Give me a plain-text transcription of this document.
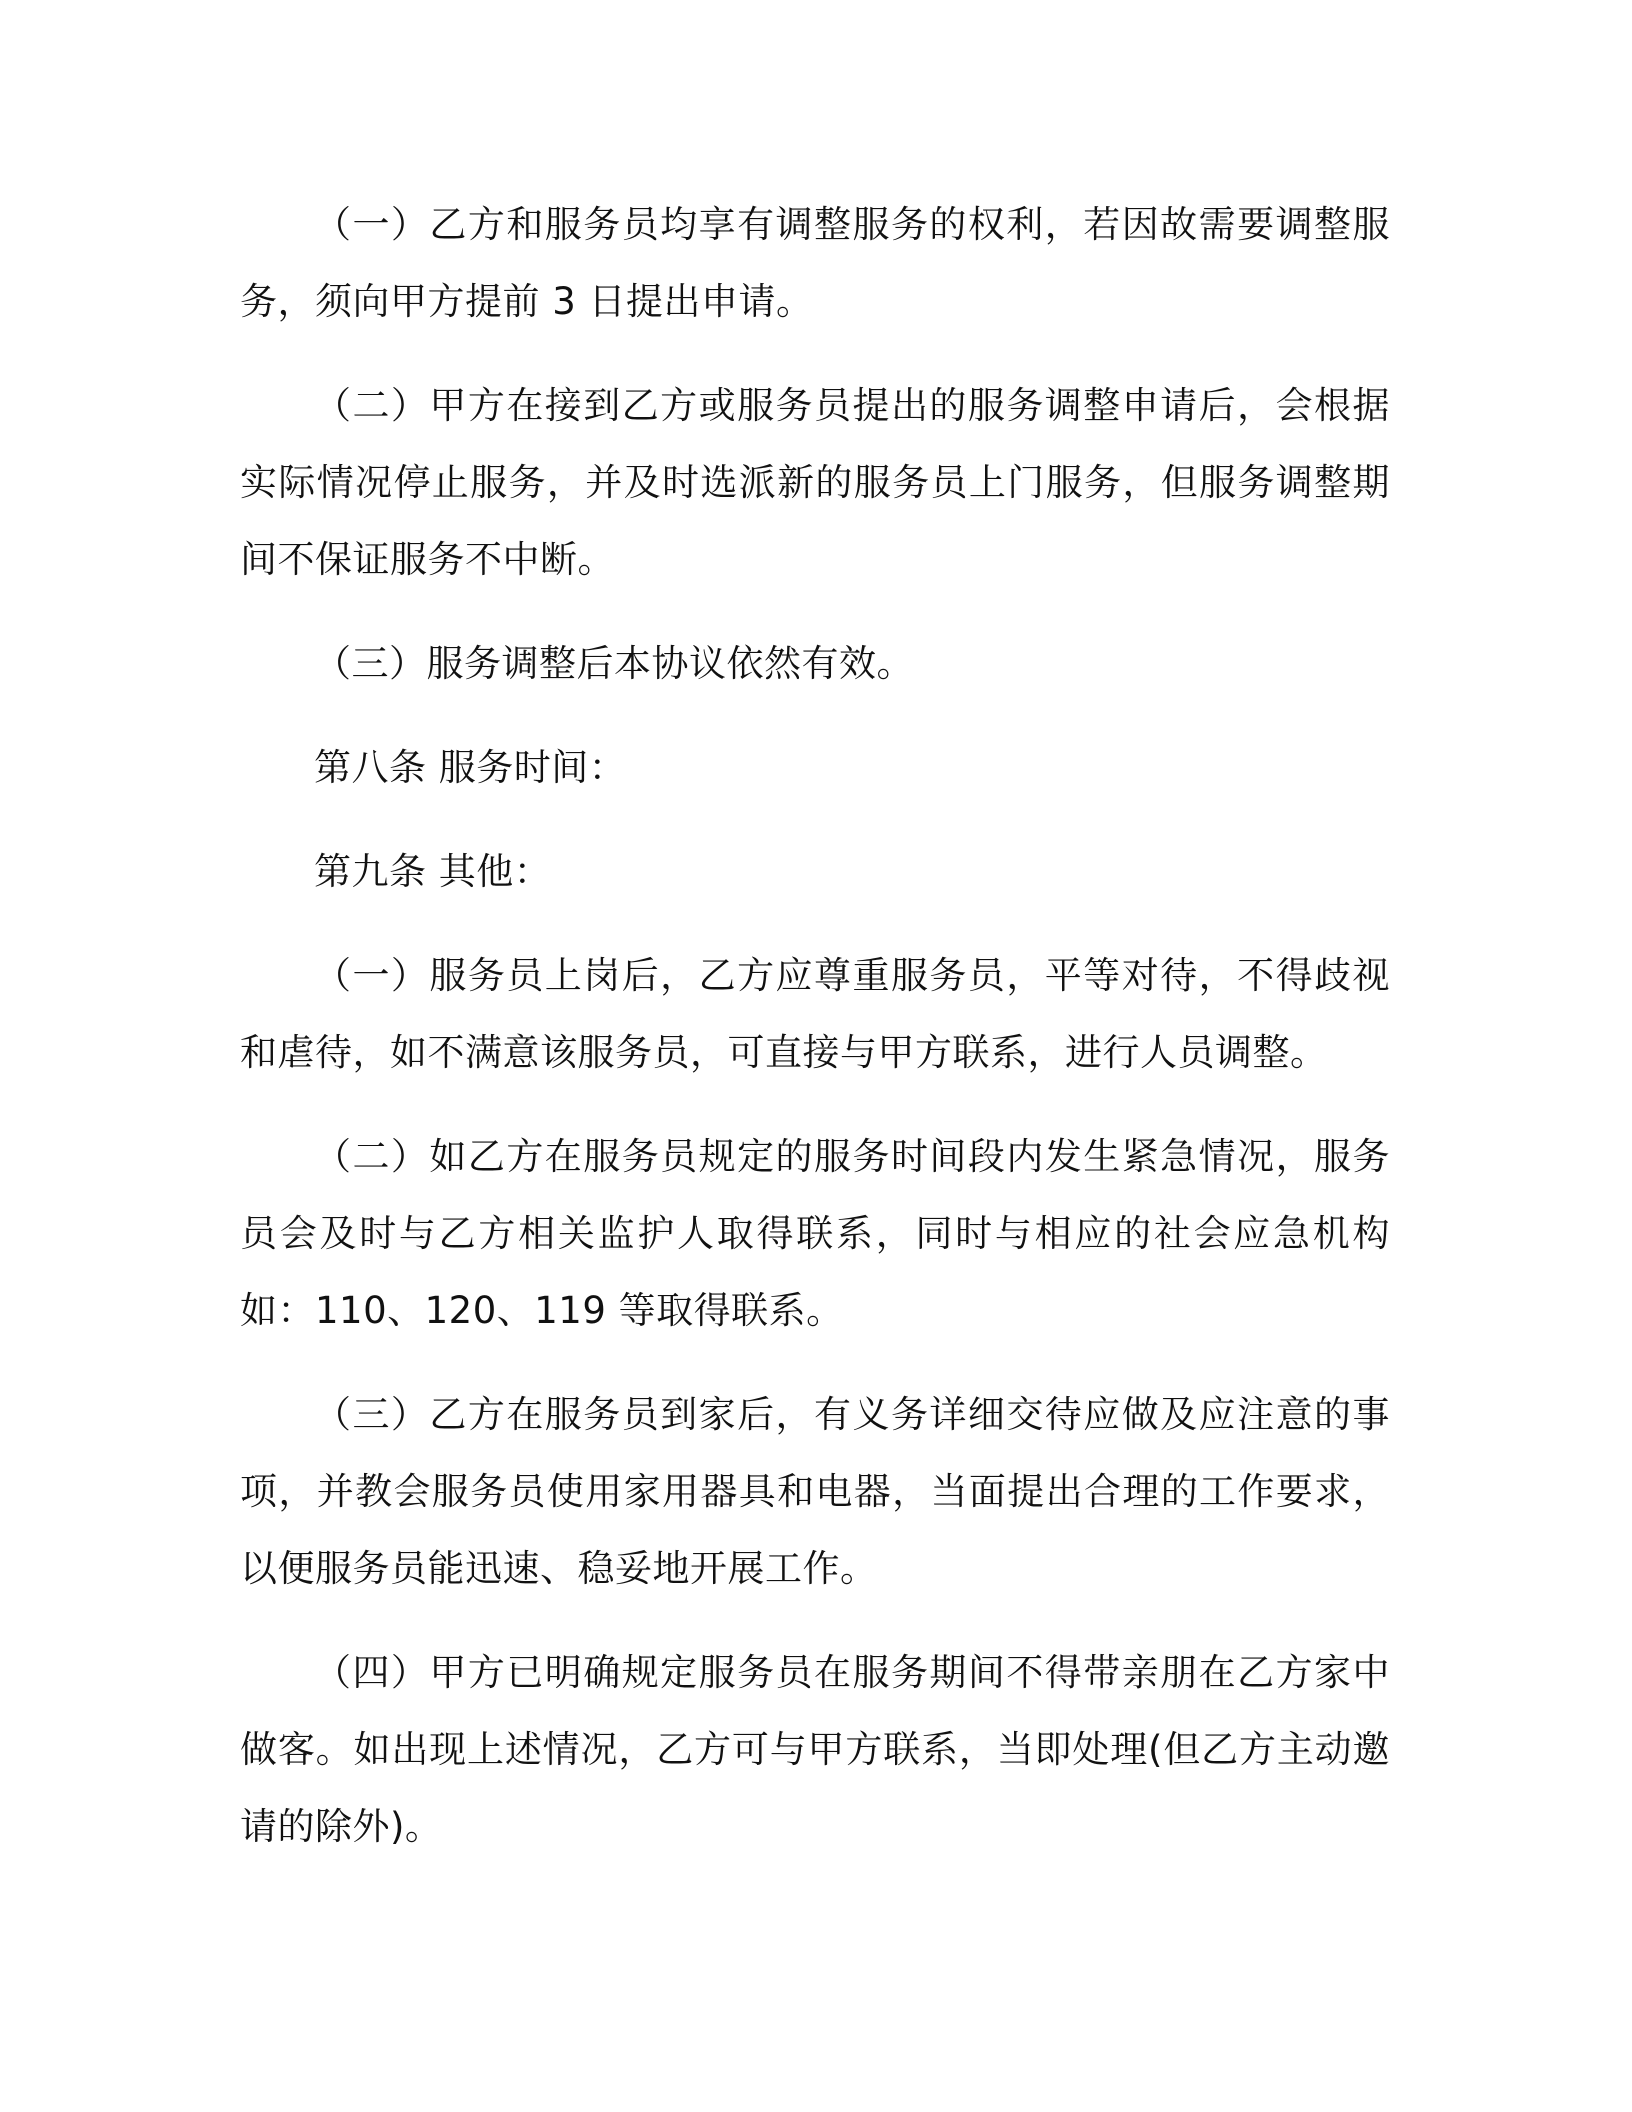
（一）乙方和服务员均享有调整服务的权利，若因故需要调整服务，须向甲方提前 3 日提出申请。

（二）甲方在接到乙方或服务员提出的服务调整申请后，会根据实际情况停止服务，并及时选派新的服务员上门服务，但服务调整期间不保证服务不中断。

（三）服务调整后本协议依然有效。

第八条 服务时间：

第九条 其他：

（一）服务员上岗后，乙方应尊重服务员，平等对待，不得歧视和虐待，如不满意该服务员，可直接与甲方联系，进行人员调整。

（二）如乙方在服务员规定的服务时间段内发生紧急情况，服务员会及时与乙方相关监护人取得联系，同时与相应的社会应急机构如：110、120、119 等取得联系。

（三）乙方在服务员到家后，有义务详细交待应做及应注意的事项，并教会服务员使用家用器具和电器，当面提出合理的工作要求，以便服务员能迅速、稳妥地开展工作。

（四）甲方已明确规定服务员在服务期间不得带亲朋在乙方家中做客。如出现上述情况，乙方可与甲方联系，当即处理(但乙方主动邀请的除外)。
